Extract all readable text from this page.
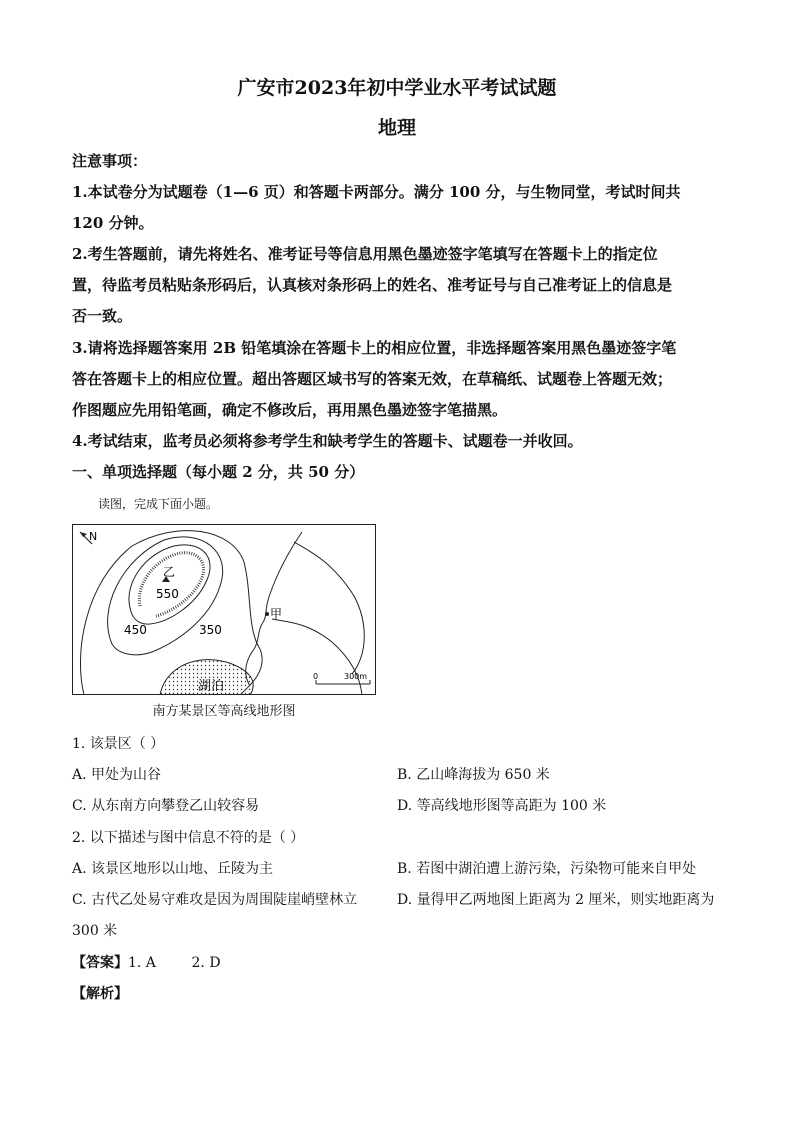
广安市2023年初中学业水平考试试题
地理
注意事项：
1.本试卷分为试题卷（1—6 页）和答题卡两部分。满分 100 分，与生物同堂，考试时间共
120 分钟。
2.考生答题前，请先将姓名、准考证号等信息用黑色墨迹签字笔填写在答题卡上的指定位
置，待监考员粘贴条形码后，认真核对条形码上的姓名、准考证号与自己准考证上的信息是
否一致。
3.请将选择题答案用 2B 铅笔填涂在答题卡上的相应位置，非选择题答案用黑色墨迹签字笔
答在答题卡上的相应位置。超出答题区域书写的答案无效，在草稿纸、试题卷上答题无效；
作图题应先用铅笔画，确定不修改后，再用黑色墨迹签字笔描黑。
4.考试结束，监考员必须将参考学生和缺考学生的答题卡、试题卷一并收回。
一、单项选择题（每小题 2 分，共 50 分）
读图，完成下面小题。
N
乙
甲
550
450	350
湖泊
0	300m
南方某景区等高线地形图
1. 该景区（ ）
A. 甲处为山谷	B. 乙山峰海拔为 650 米
C. 从东南方向攀登乙山较容易	D. 等高线地形图等高距为 100 米
2. 以下描述与图中信息不符的是（ ）
A. 该景区地形以山地、丘陵为主	B. 若图中湖泊遭上游污染，污染物可能来自甲处
C. 古代乙处易守难攻是因为周围陡崖峭壁林立	D. 量得甲乙两地图上距离为 2 厘米，则实地距离为
300 米
【答案】1. A        2. D
【解析】
